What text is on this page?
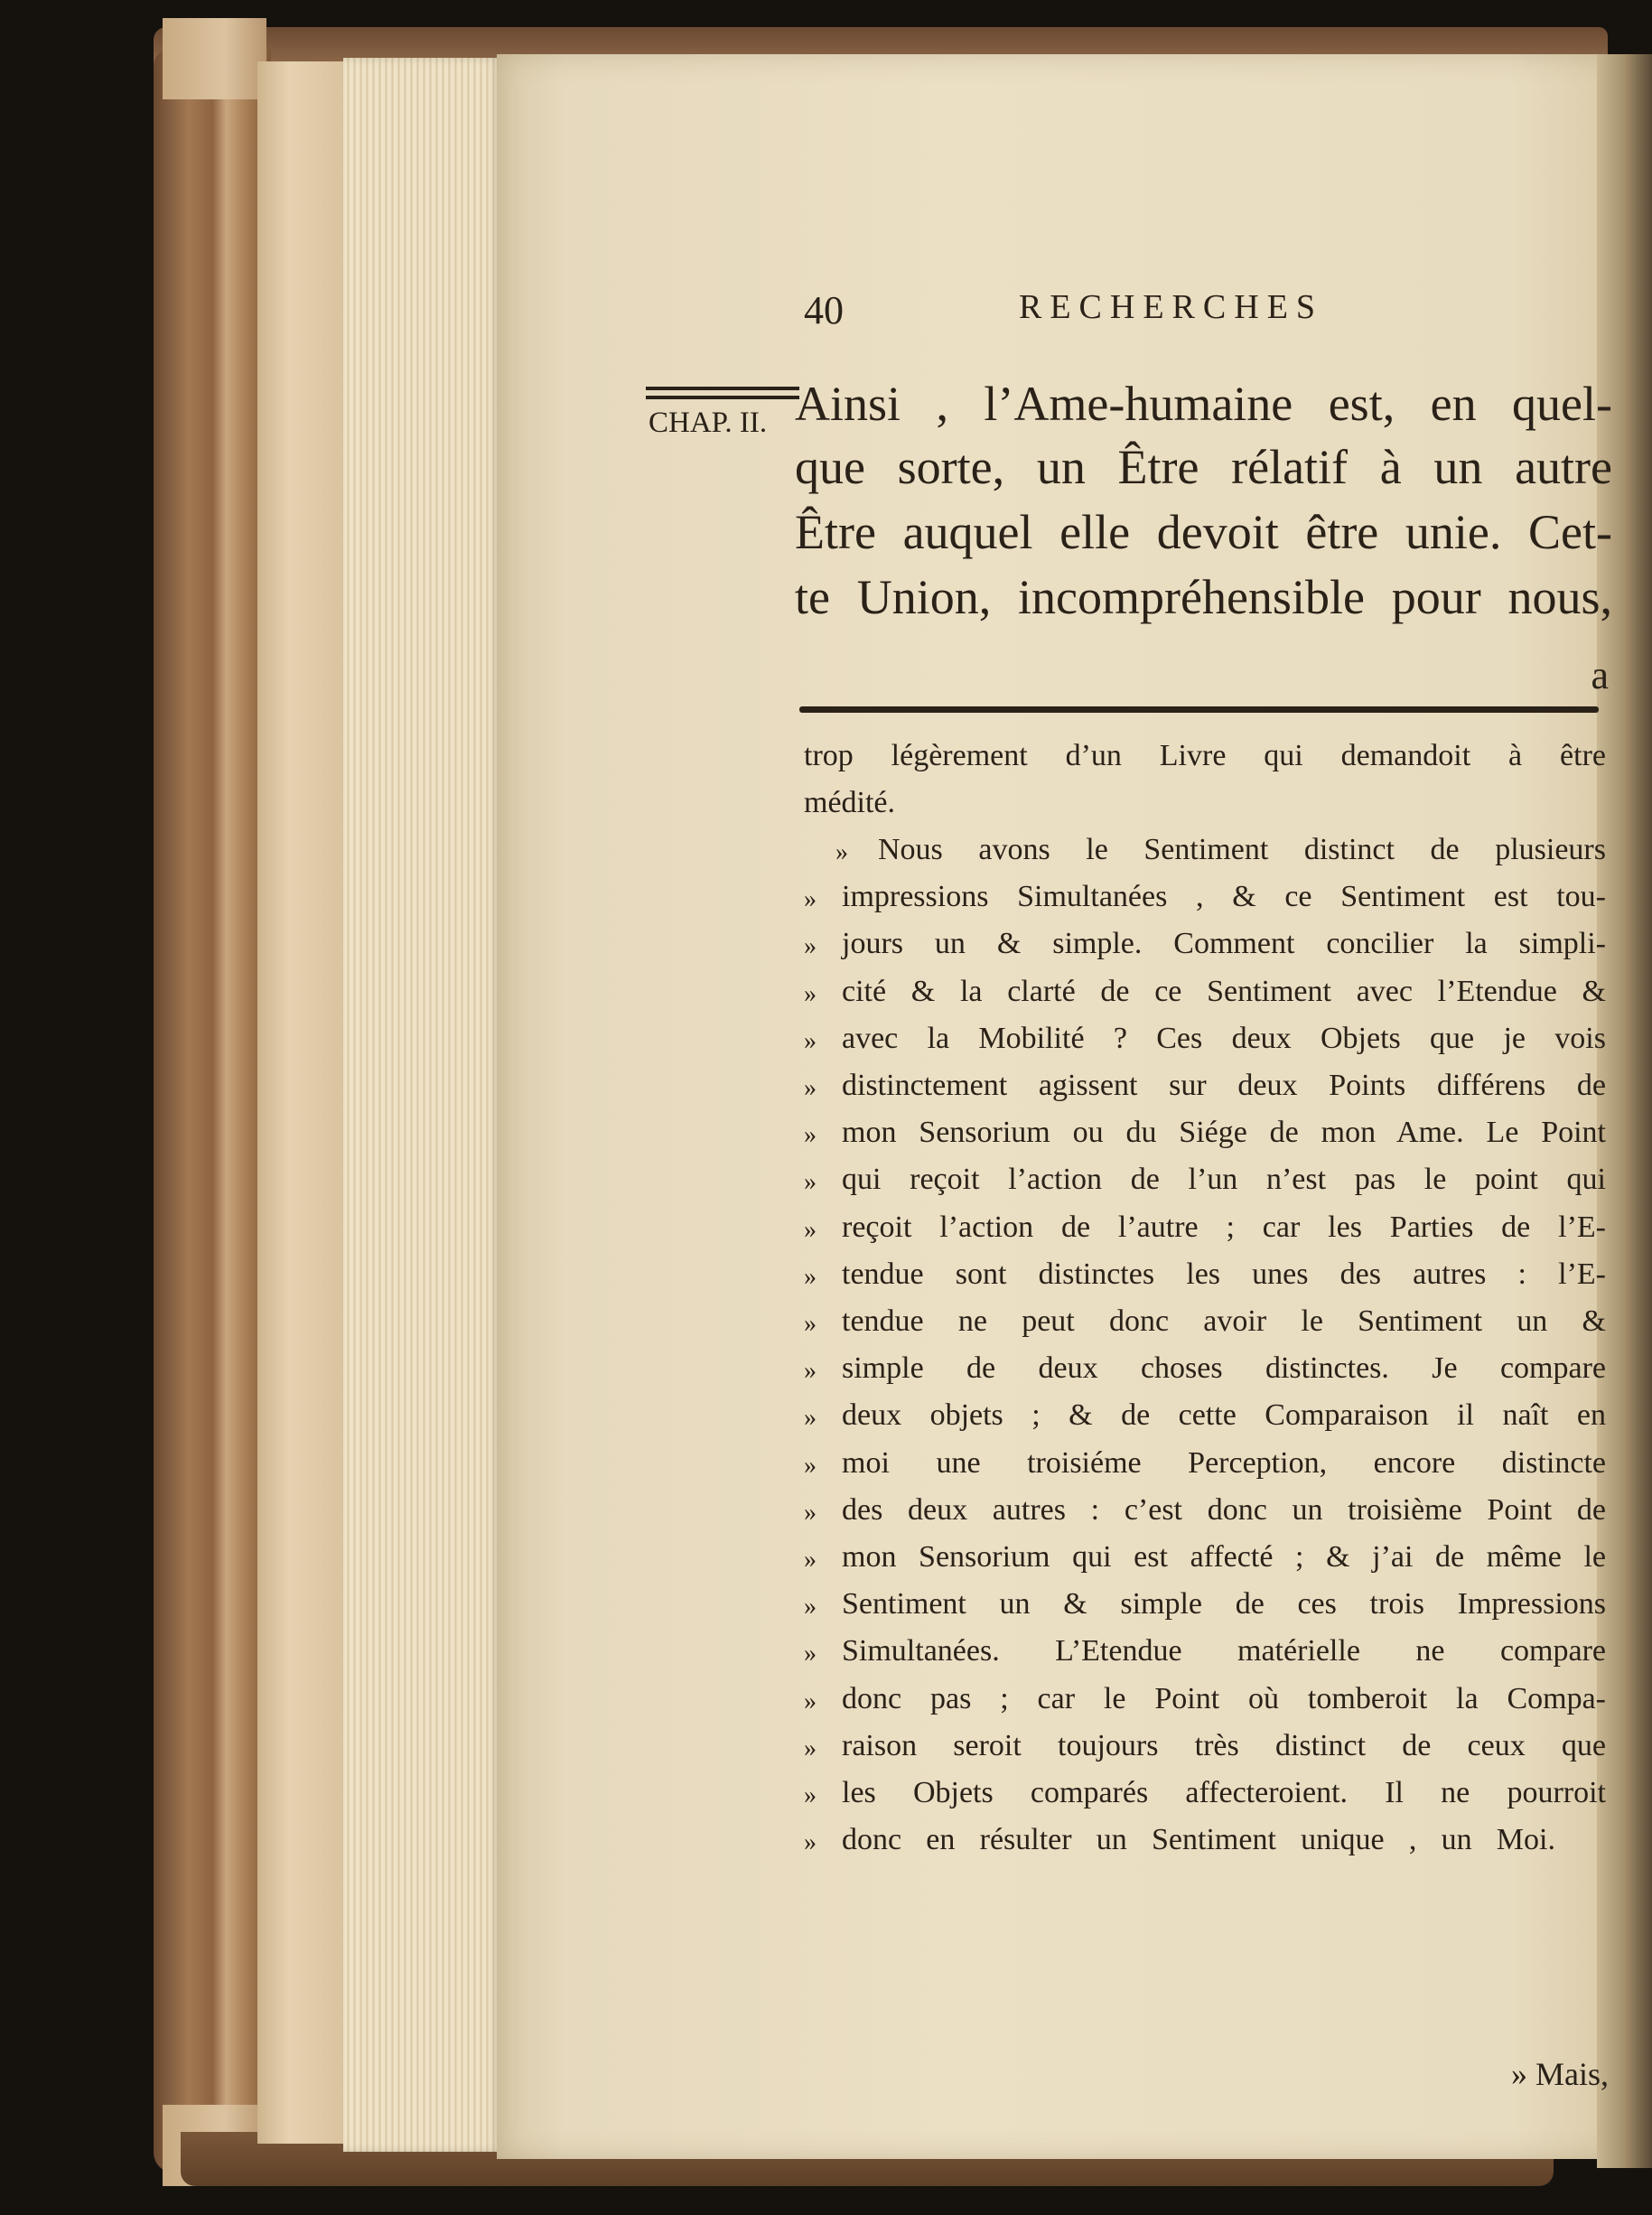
40	RECHERCHES
CHAP. II. Ainsi , l’Ame-humaine est, en quel-
que sorte, un Être rélatif à un autre
Être auquel elle devoit être unie. Cet-
te Union, incompréhensible pour nous,
a
trop légèrement d’un Livre qui demandoit à être
médité.
» Nous avons le Sentiment distinct de plusieurs
» impressions Simultanées , & ce Sentiment est tou-
» jours un & simple. Comment concilier la simpli-
» cité & la clarté de ce Sentiment avec l’Etendue &
» avec la Mobilité ? Ces deux Objets que je vois
» distinctement agissent sur deux Points différens de
» mon Sensorium ou du Siége de mon Ame. Le Point
» qui reçoit l’action de l’un n’est pas le point qui
» reçoit l’action de l’autre ; car les Parties de l’E-
» tendue sont distinctes les unes des autres : l’E-
» tendue ne peut donc avoir le Sentiment un &
» simple de deux choses distinctes. Je compare
» deux objets ; & de cette Comparaison il naît en
» moi une troisiéme Perception, encore distincte
» des deux autres : c’est donc un troisième Point de
» mon Sensorium qui est affecté ; & j’ai de même le
» Sentiment un & simple de ces trois Impressions
» Simultanées. L’Etendue matérielle ne compare
» donc pas ; car le Point où tomberoit la Compa-
» raison seroit toujours très distinct de ceux que
» les Objets comparés affecteroient. Il ne pourroit
» donc en résulter un Sentiment unique , un Moi.
» Mais,
